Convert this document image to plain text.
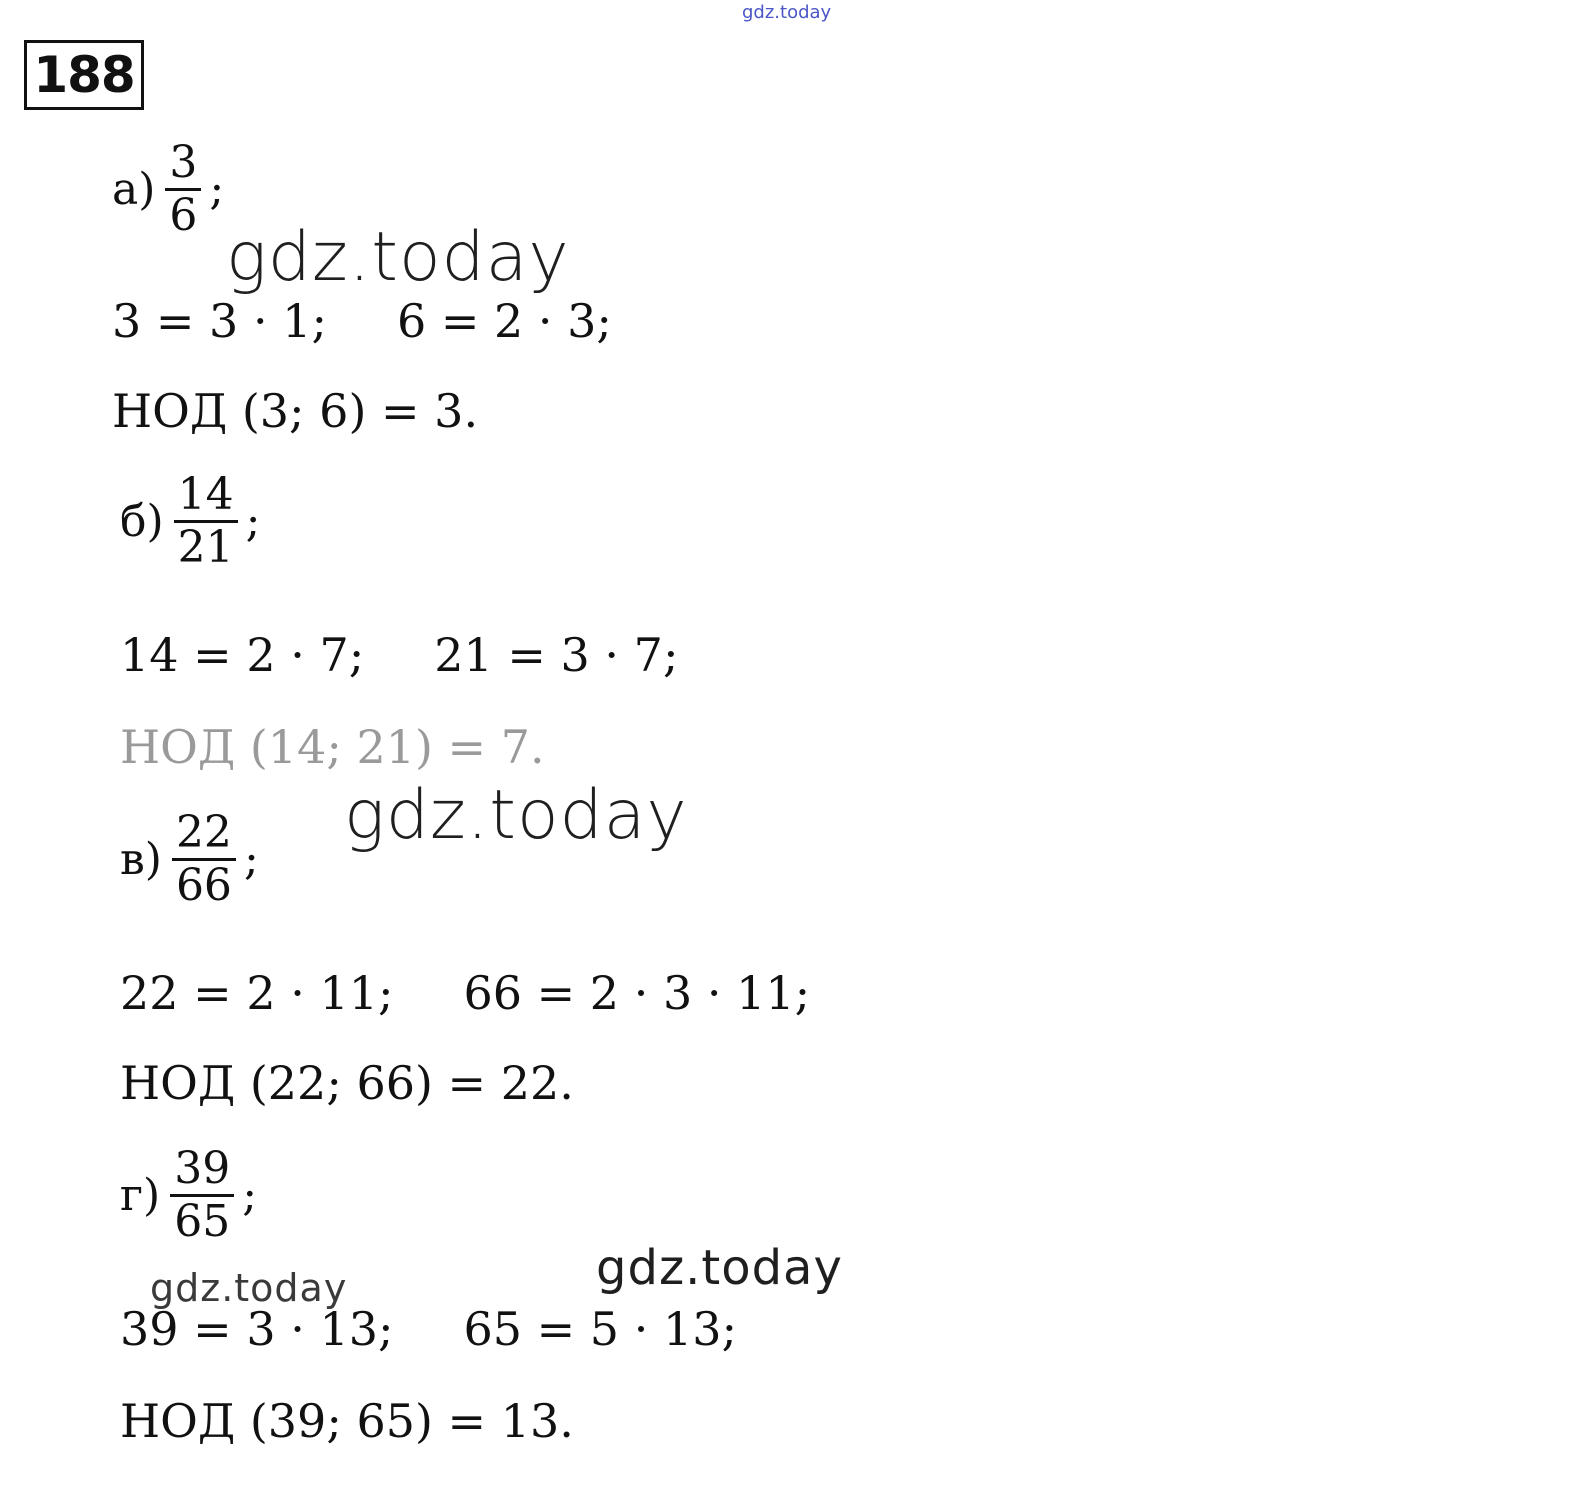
gdz.today
188
$а) \frac{3}{6}$ ;
3 = 3 · 1; 6 = 2 · 3;
НОД (3; 6) = 3.
gdz.today
$б) \frac{14}{21}$ ;
14 = 2 · 7; 21 = 3 · 7;
НОД (14; 21) = 7.
gdz.today
$в) \frac{22}{66}$ ;
22 = 2 · 11; 66 = 2 · 3 · 11;
НОД (22; 66) = 22.
$г) \frac{39}{65}$ ;
gdz.today
gdz.today
39 = 3 · 13; 65 = 5 · 13;
НОД (39; 65) = 13.
